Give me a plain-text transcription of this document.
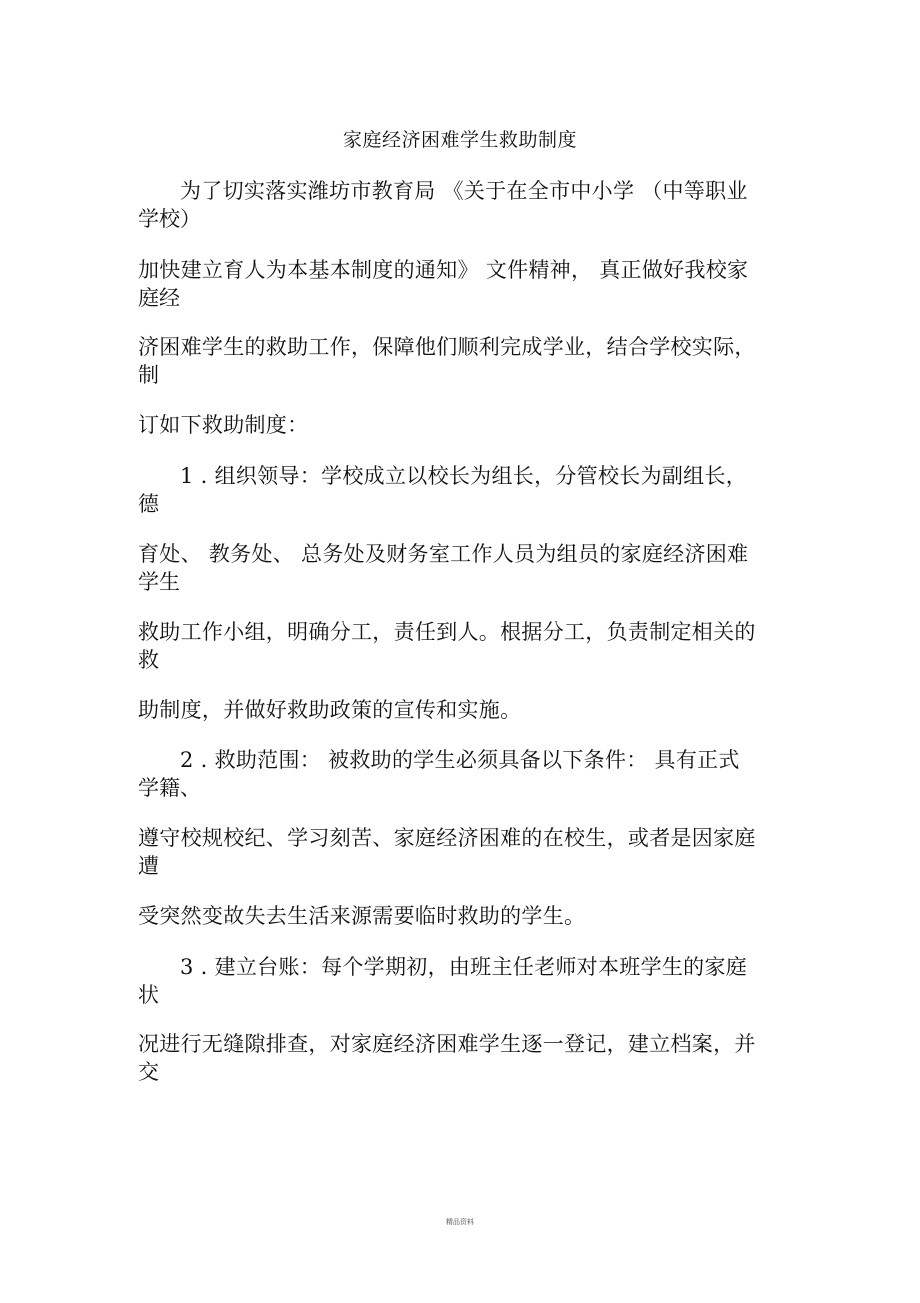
家庭经济困难学生救助制度
为了切实落实潍坊市教育局 《关于在全市中小学 （中等职业
学校）
加快建立育人为本基本制度的通知》 文件精神， 真正做好我校家
庭经
济困难学生的救助工作，保障他们顺利完成学业，结合学校实际，
制
订如下救助制度：
1 . 组织领导：学校成立以校长为组长，分管校长为副组长，
德
育处、 教务处、 总务处及财务室工作人员为组员的家庭经济困难
学生
救助工作小组，明确分工，责任到人。根据分工，负责制定相关的
救
助制度，并做好救助政策的宣传和实施。
2 . 救助范围： 被救助的学生必须具备以下条件： 具有正式
学籍、
遵守校规校纪、学习刻苦、家庭经济困难的在校生，或者是因家庭
遭
受突然变故失去生活来源需要临时救助的学生。
3 . 建立台账：每个学期初，由班主任老师对本班学生的家庭
状
况进行无缝隙排查，对家庭经济困难学生逐一登记，建立档案，并
交
精品资料
